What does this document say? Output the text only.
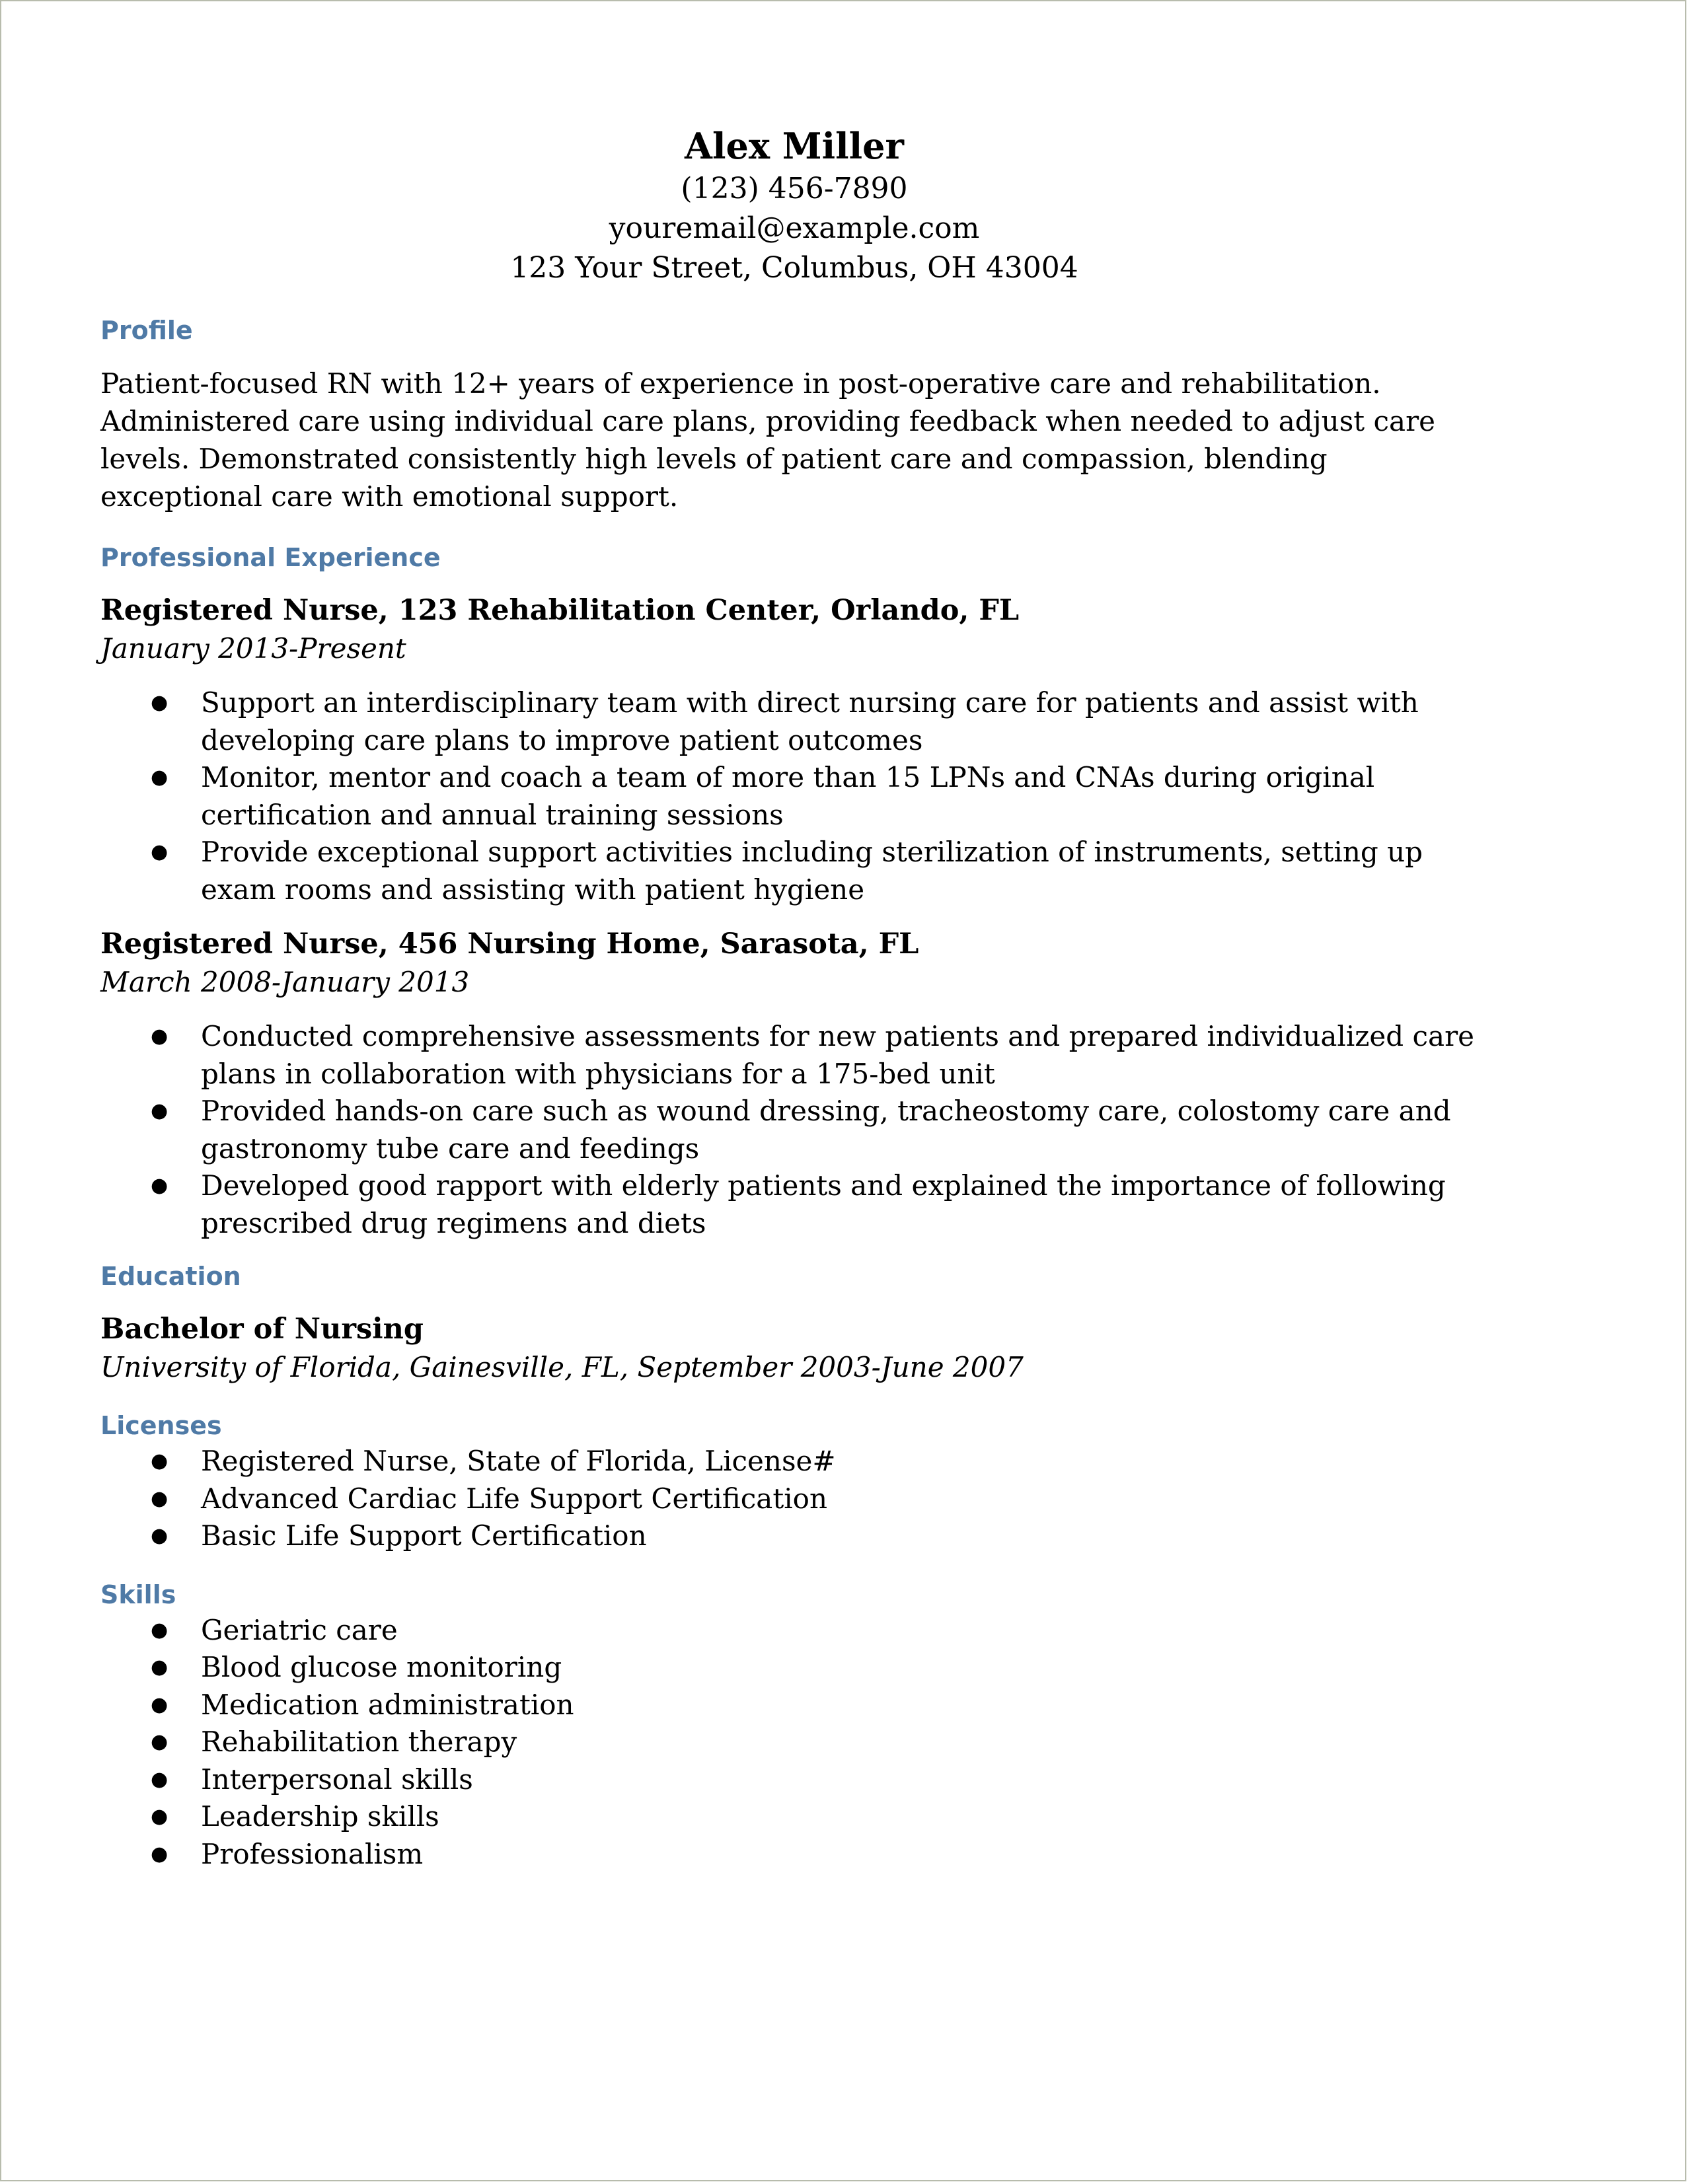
Alex Miller
(123) 456-7890
youremail@example.com
123 Your Street, Columbus, OH 43004
Profile
Patient-focused RN with 12+ years of experience in post-operative care and rehabilitation. Administered care using individual care plans, providing feedback when needed to adjust care levels. Demonstrated consistently high levels of patient care and compassion, blending exceptional care with emotional support.
Professional Experience
Registered Nurse, 123 Rehabilitation Center, Orlando, FL
January 2013-Present
● Support an interdisciplinary team with direct nursing care for patients and assist with developing care plans to improve patient outcomes
● Monitor, mentor and coach a team of more than 15 LPNs and CNAs during original certification and annual training sessions
● Provide exceptional support activities including sterilization of instruments, setting up exam rooms and assisting with patient hygiene
Registered Nurse, 456 Nursing Home, Sarasota, FL
March 2008-January 2013
● Conducted comprehensive assessments for new patients and prepared individualized care plans in collaboration with physicians for a 175-bed unit
● Provided hands-on care such as wound dressing, tracheostomy care, colostomy care and gastronomy tube care and feedings
● Developed good rapport with elderly patients and explained the importance of following prescribed drug regimens and diets
Education
Bachelor of Nursing
University of Florida, Gainesville, FL, September 2003-June 2007
Licenses
● Registered Nurse, State of Florida, License#
● Advanced Cardiac Life Support Certification
● Basic Life Support Certification
Skills
● Geriatric care
● Blood glucose monitoring
● Medication administration
● Rehabilitation therapy
● Interpersonal skills
● Leadership skills
● Professionalism
